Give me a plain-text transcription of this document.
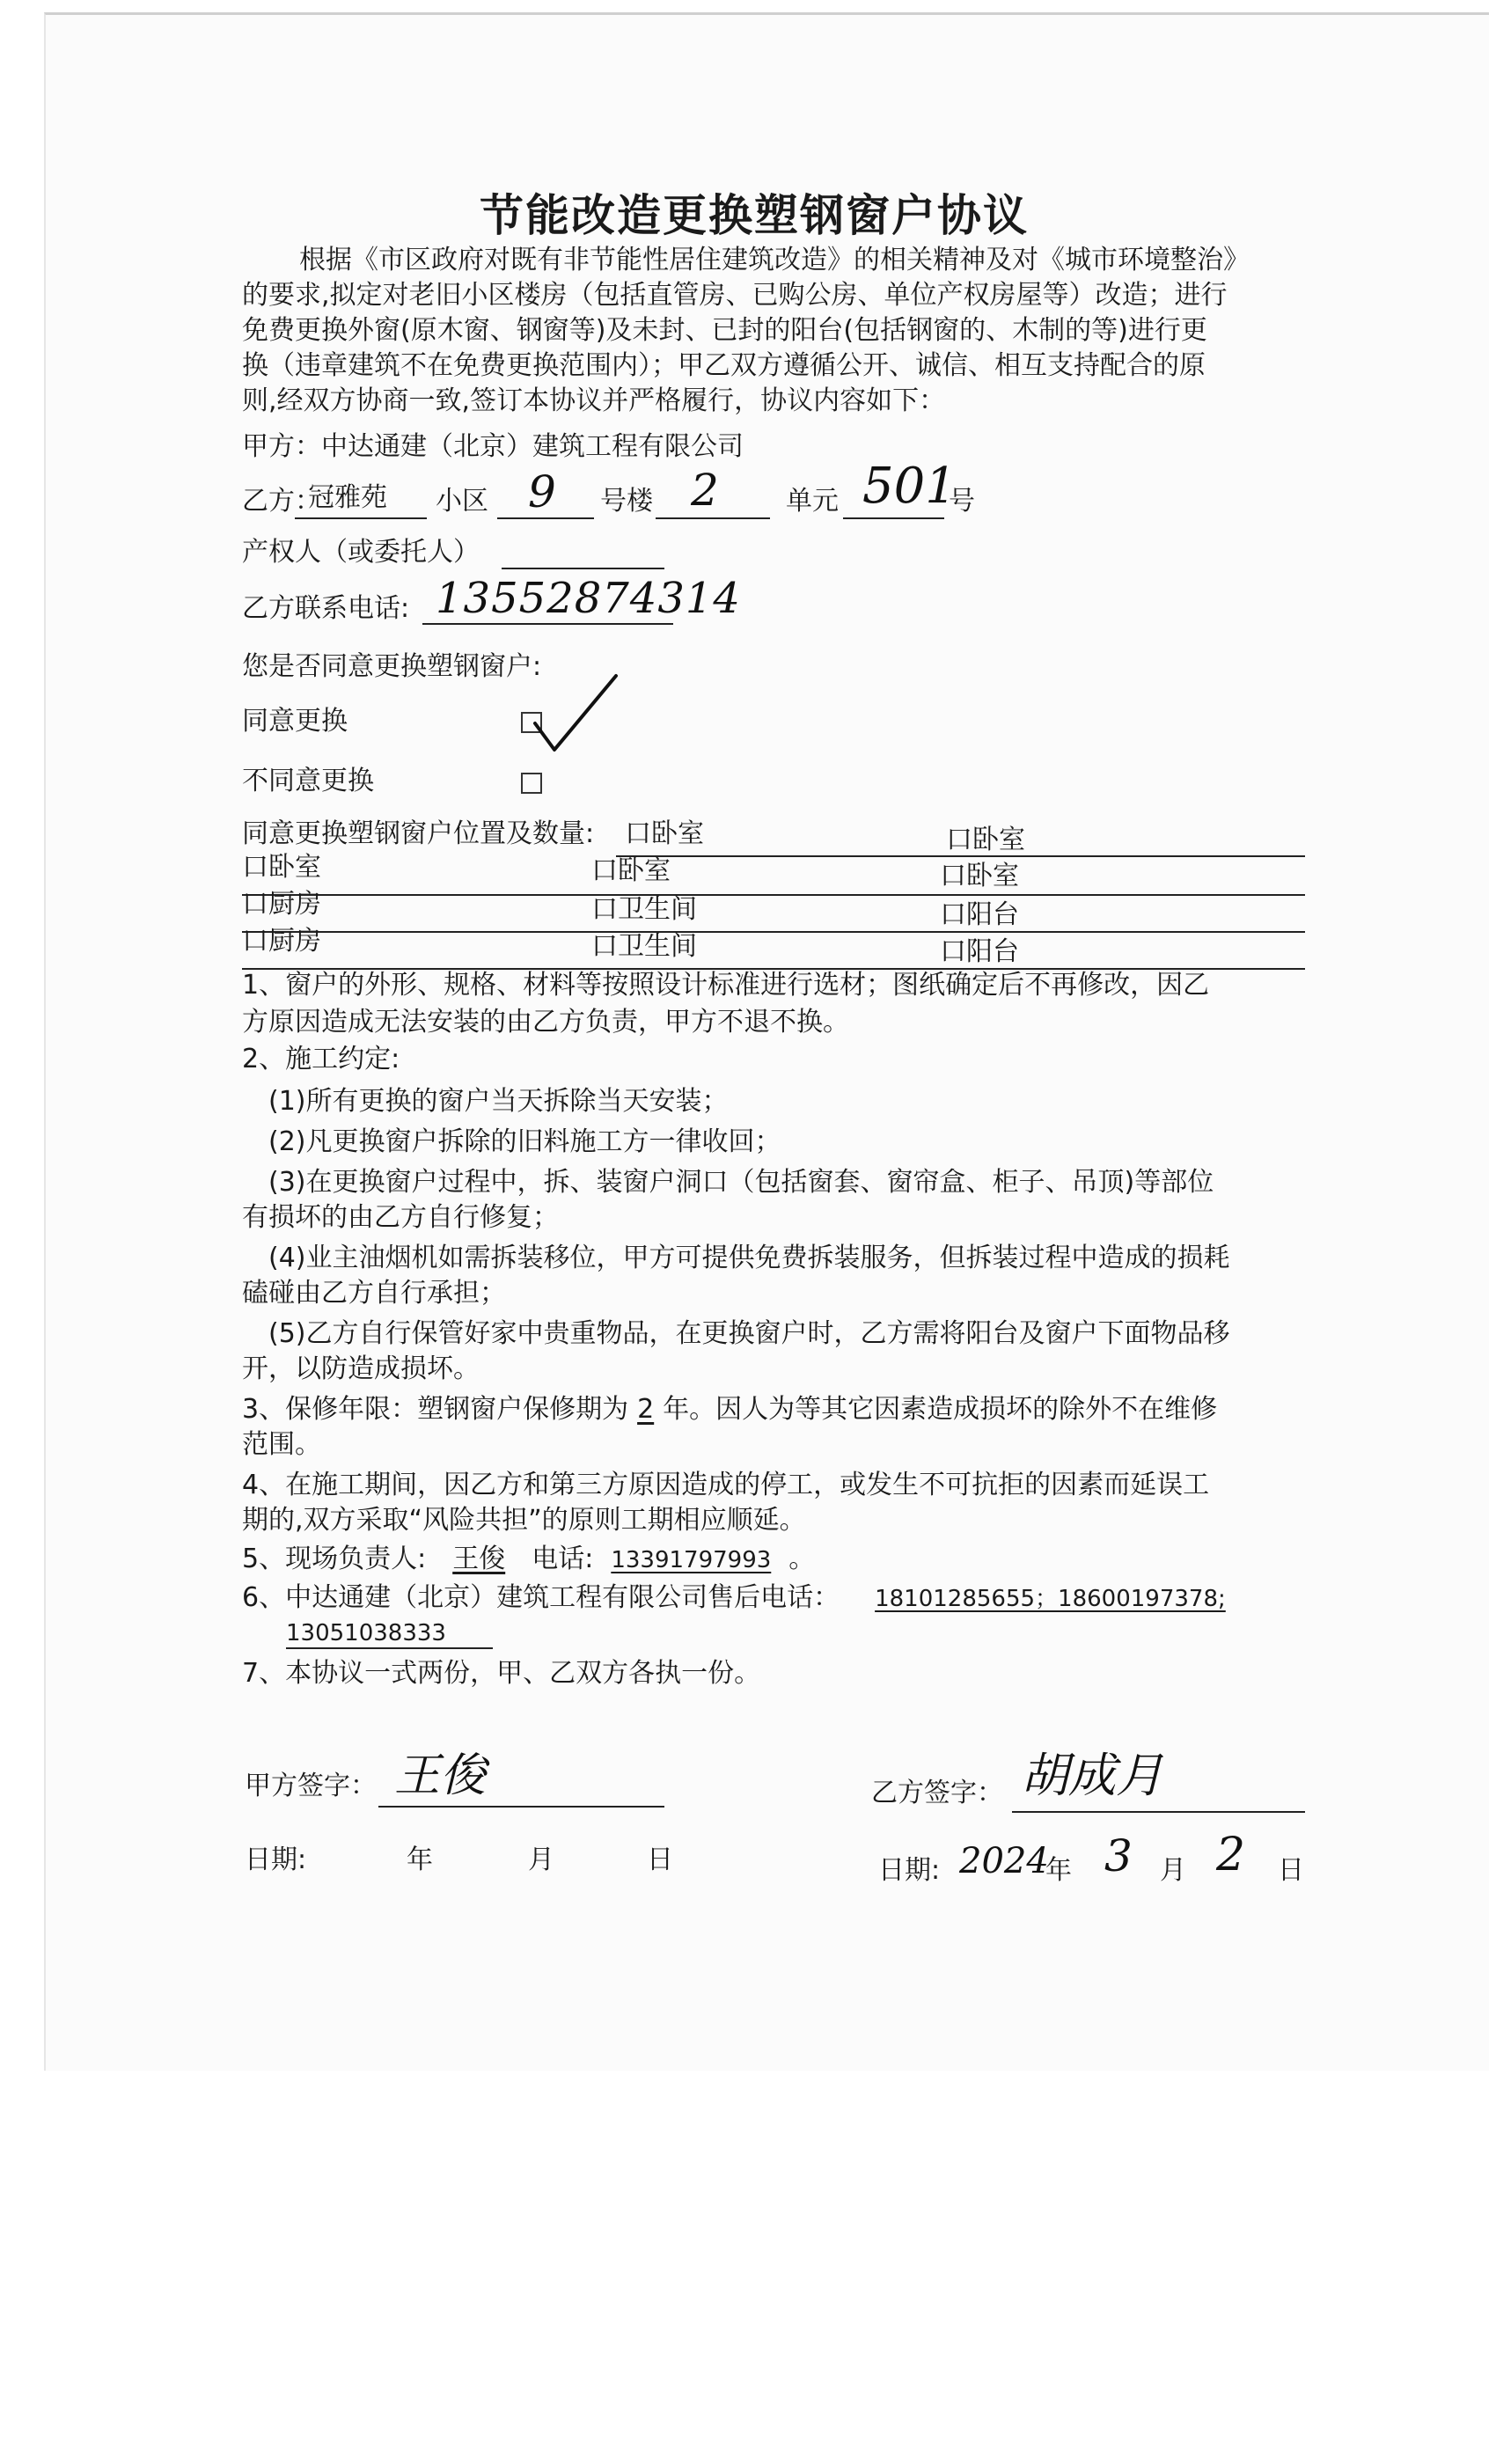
节能改造更换塑钢窗户协议
根据《市区政府对既有非节能性居住建筑改造》的相关精神及对《城市环境整治》
的要求,拟定对老旧小区楼房（包括直管房、已购公房、单位产权房屋等）改造；进行
免费更换外窗(原木窗、钢窗等)及未封、已封的阳台(包括钢窗的、木制的等)进行更
换（违章建筑不在免费更换范围内）；甲乙双方遵循公开、诚信、相互支持配合的原
则,经双方协商一致,签订本协议并严格履行，协议内容如下：
甲方：中达通建（北京）建筑工程有限公司
乙方：
冠雅苑 小区 9 号楼 2	单元 501
号
产权人（或委托人）
乙方联系电话: 13552874314
您是否同意更换塑钢窗户:
同意更换
不同意更换
同意更换塑钢窗户位置及数量: 口卧室	口卧室
口卧室	口卧室	口卧室
口厨房	口卫生间	口阳台
口厨房	口卫生间	口阳台
1、窗户的外形、规格、材料等按照设计标准进行选材；图纸确定后不再修改，因乙
方原因造成无法安装的由乙方负责，甲方不退不换。
2、施工约定:
(1)所有更换的窗户当天拆除当天安装；
(2)凡更换窗户拆除的旧料施工方一律收回；
(3)在更换窗户过程中，拆、装窗户洞口（包括窗套、窗帘盒、柜子、吊顶)等部位
有损坏的由乙方自行修复；
(4)业主油烟机如需拆装移位，甲方可提供免费拆装服务，但拆装过程中造成的损耗
磕碰由乙方自行承担；
(5)乙方自行保管好家中贵重物品，在更换窗户时，乙方需将阳台及窗户下面物品移
开，以防造成损坏。
3、保修年限：塑钢窗户保修期为 2 年。因人为等其它因素造成损坏的除外不在维修
范围。
4、在施工期间，因乙方和第三方原因造成的停工，或发生不可抗拒的因素而延误工
期的,双方采取“风险共担”的原则工期相应顺延。
5、现场负责人: 王俊 电话: 13391797993 。
6、中达通建（北京）建筑工程有限公司售后电话： 18101285655；18600197378;
13051038333
7、本协议一式两份，甲、乙双方各执一份。
甲方签字： 王俊	乙方签字： 胡成月
日期:	年	月	日	日期: 2024
年 3 月 2 日
